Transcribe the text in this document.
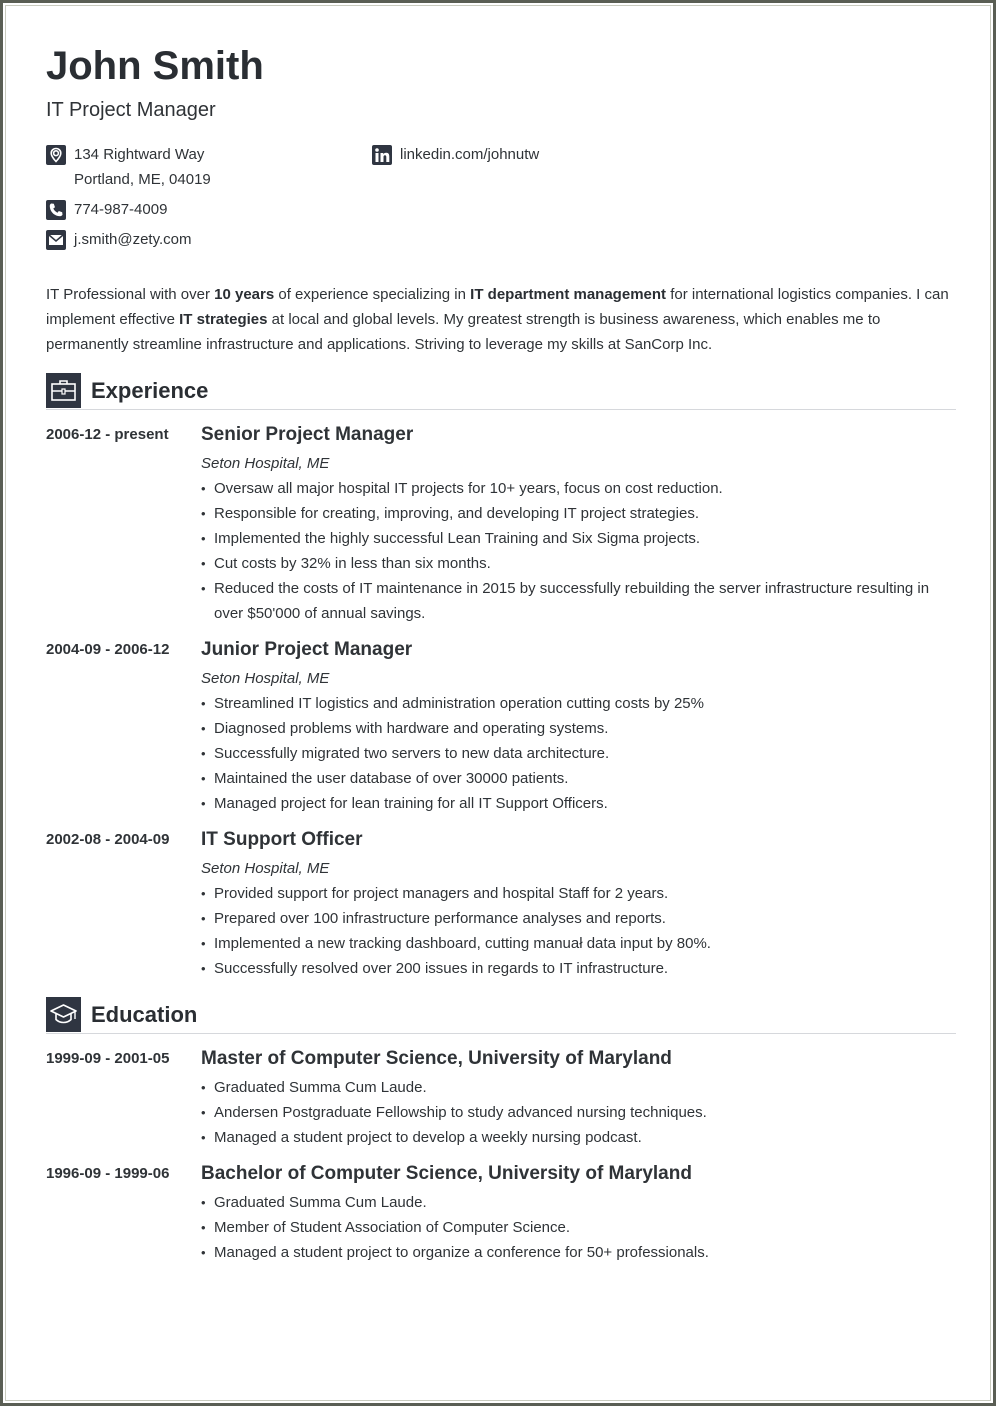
John Smith
IT Project Manager
134 Rightward Way
Portland, ME, 04019
774-987-4009
j.smith@zety.com
linkedin.com/johnutw
IT Professional with over 10 years of experience specializing in IT department management for international logistics companies. I can implement effective IT strategies at local and global levels. My greatest strength is business awareness, which enables me to permanently streamline infrastructure and applications. Striving to leverage my skills at SanCorp Inc.
Experience
2006-12 - present	Senior Project Manager
Seton Hospital, ME
• Oversaw all major hospital IT projects for 10+ years, focus on cost reduction.
• Responsible for creating, improving, and developing IT project strategies.
• Implemented the highly successful Lean Training and Six Sigma projects.
• Cut costs by 32% in less than six months.
• Reduced the costs of IT maintenance in 2015 by successfully rebuilding the server infrastructure resulting in over $50'000 of annual savings.
2004-09 - 2006-12	Junior Project Manager
Seton Hospital, ME
• Streamlined IT logistics and administration operation cutting costs by 25%
• Diagnosed problems with hardware and operating systems.
• Successfully migrated two servers to new data architecture.
• Maintained the user database of over 30000 patients.
• Managed project for lean training for all IT Support Officers.
2002-08 - 2004-09	IT Support Officer
Seton Hospital, ME
• Provided support for project managers and hospital Staff for 2 years.
• Prepared over 100 infrastructure performance analyses and reports.
• Implemented a new tracking dashboard, cutting manuał data input by 80%.
• Successfully resolved over 200 issues in regards to IT infrastructure.
Education
1999-09 - 2001-05	Master of Computer Science, University of Maryland
• Graduated Summa Cum Laude.
• Andersen Postgraduate Fellowship to study advanced nursing techniques.
• Managed a student project to develop a weekly nursing podcast.
1996-09 - 1999-06	Bachelor of Computer Science, University of Maryland
• Graduated Summa Cum Laude.
• Member of Student Association of Computer Science.
• Managed a student project to organize a conference for 50+ professionals.
